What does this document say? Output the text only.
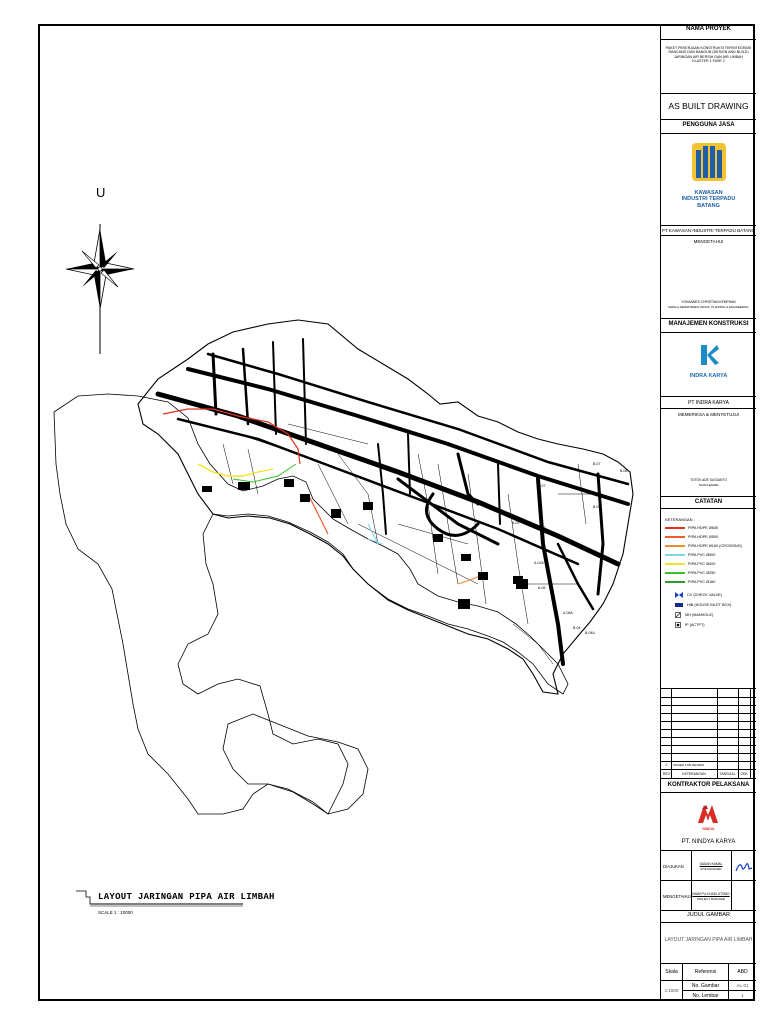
U
B-07
B-08
B-07
B-08
A-02
A-03
A-02A
A-06
A-06A
B-04
B-04A
LAYOUT JARINGAN PIPA AIR LIMBAH
SCALE 1 : 10000
NAMA PROYEK
PAKET PEKERJAAN KONSTRUKSI TERINTEGRASI
RANCANG DAN BANGUN (DESIGN AND BUILD)
JARINGAN AIR BERSIH DAN AIR LIMBAH
KLASTER 1 FASE 2
AS BUILT DRAWING
PENGGUNA JASA
KAWASAN
INDUSTRI TERPADU
BATANG
PT KAWASAN INDUSTRI TERPADU BATANG
MENGETAHUI
YOHANNES CHRISTIAN KEMPHAN
KEPALA DEPARTEMEN TEKNIK, PLANNING & ENGINEERING
MANAJEMEN KONSTRUKSI
INDRA KARYA
PT INDRA KARYA
MEMERIKSA & MENYETUJUI
TOTOK ADE SUGIANTO
TEAM LEADER
CATATAN
KETERANGAN :
PIPA HDPE Ø630
PIPA HDPE Ø500
PIPA HDPE Ø160 (CROSSING)
PIPA PVC Ø500
PIPA PVC Ø400
PIPA PVC Ø250
PIPA PVC Ø160
CV (CHECK VALVE)
HIB (HOUSE INLET BOX)
MH (MANHOLE)
IP (ACTPT)
0	ISSUED FOR REVIEW
REV	KETERANGAN	TANGGAL	CEK
KONTRAKTOR PELAKSANA
NINDYA
PT. NINDYA KARYA
DIAJUKAN	DADAN KAMAL
SITE MANAGER
MENGETAHUI IMAM PUJI HADI UTOMO
PROJECT MANAGER
JUDUL GAMBAR
LAYOUT JARINGAN PIPA AIR LIMBAH
Skala	Referensi	ABD
1:1500
No. Gambar	AL-01
No. Lembar	1
